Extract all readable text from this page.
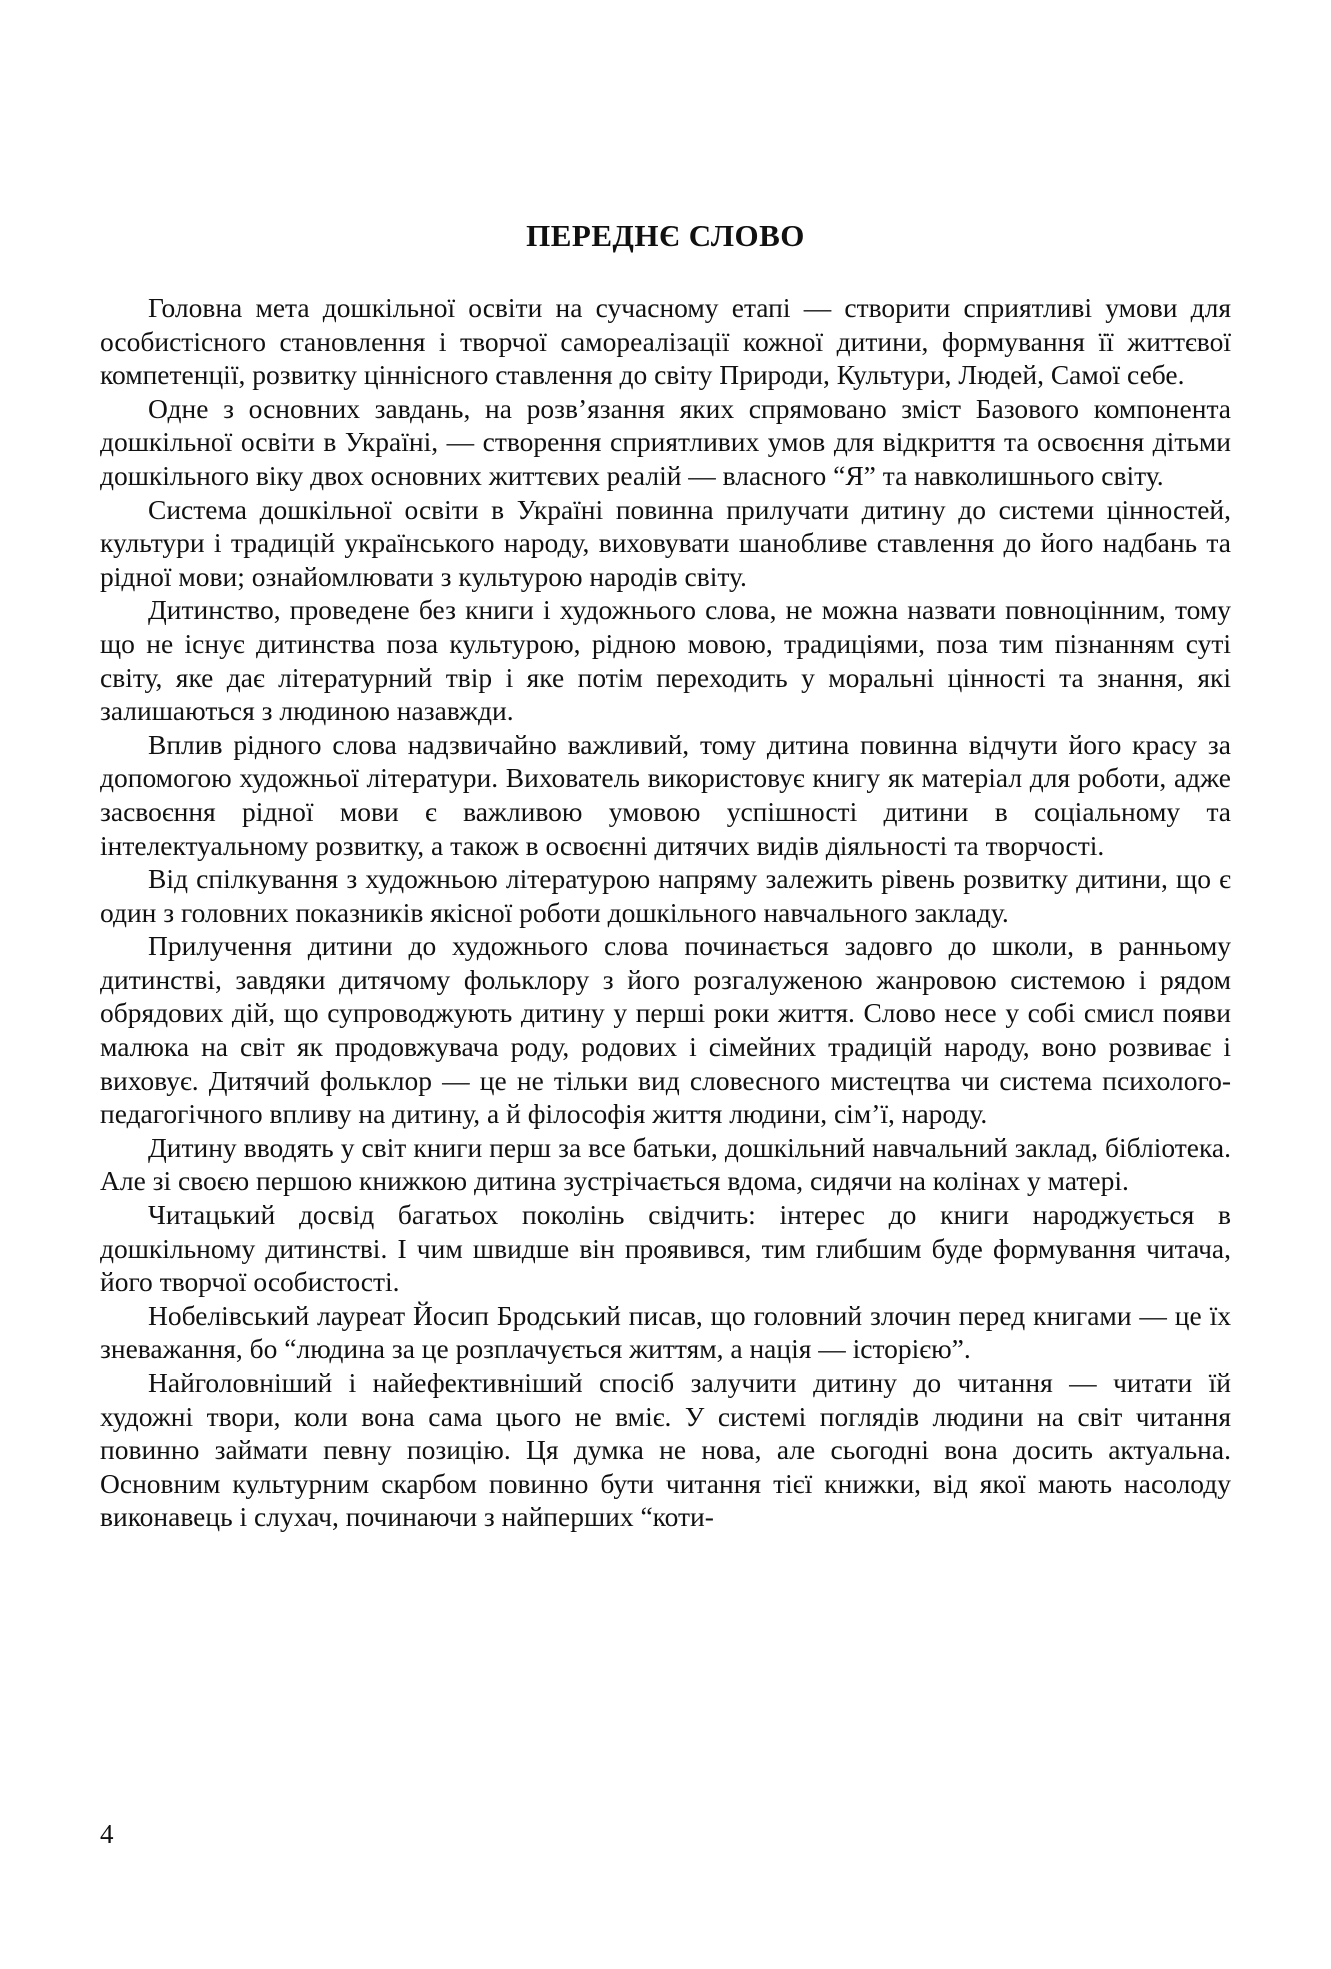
ПЕРЕДНЄ СЛОВО

Головна мета дошкільної освіти на сучасному етапі — створити сприятливі умови для особистісного становлення і творчої самореалізації кожної дитини, формування її життєвої компетенції, розвитку ціннісного ставлення до світу Природи, Культури, Людей, Самої себе.

Одне з основних завдань, на розв’язання яких спрямовано зміст Базового компонента дошкільної освіти в Україні, — створення сприятливих умов для відкриття та освоєння дітьми дошкільного віку двох основних життєвих реалій — власного “Я” та навколишнього світу.

Система дошкільної освіти в Україні повинна прилучати дитину до системи цінностей, культури і традицій українського народу, виховувати шанобливе ставлення до його надбань та рідної мови; ознайомлювати з культурою народів світу.

Дитинство, проведене без книги і художнього слова, не можна назвати повноцінним, тому що не існує дитинства поза культурою, рідною мовою, традиціями, поза тим пізнанням суті світу, яке дає літературний твір і яке потім переходить у моральні цінності та знання, які залишаються з людиною назавжди.

Вплив рідного слова надзвичайно важливий, тому дитина повинна відчути його красу за допомогою художньої літератури. Вихователь використовує книгу як матеріал для роботи, адже засвоєння рідної мови є важливою умовою успішності дитини в соціальному та інтелектуальному розвитку, а також в освоєнні дитячих видів діяльності та творчості.

Від спілкування з художньою літературою напряму залежить рівень розвитку дитини, що є один з головних показників якісної роботи дошкільного навчального закладу.

Прилучення дитини до художнього слова починається задовго до школи, в ранньому дитинстві, завдяки дитячому фольклору з його розгалуженою жанровою системою і рядом обрядових дій, що супроводжують дитину у перші роки життя. Слово несе у собі смисл появи малюка на світ як продовжувача роду, родових і сімейних традицій народу, воно розвиває і виховує. Дитячий фольклор — це не тільки вид словесного мистецтва чи система психолого-педагогічного впливу на дитину, а й філософія життя людини, сім’ї, народу.

Дитину вводять у світ книги перш за все батьки, дошкільний навчальний заклад, бібліотека. Але зі своєю першою книжкою дитина зустрічається вдома, сидячи на колінах у матері.

Читацький досвід багатьох поколінь свідчить: інтерес до книги народжується в дошкільному дитинстві. І чим швидше він проявився, тим глибшим буде формування читача, його творчої особистості.

Нобелівський лауреат Йосип Бродський писав, що головний злочин перед книгами — це їх зневажання, бо “людина за це розплачується життям, а нація — історією”.

Найголовніший і найефективніший спосіб залучити дитину до читання — читати їй художні твори, коли вона сама цього не вміє. У системі поглядів людини на світ читання повинно займати певну позицію. Ця думка не нова, але сьогодні вона досить актуальна. Основним культурним скарбом повинно бути читання тієї книжки, від якої мають насолоду виконавець і слухач, починаючи з найперших “коти-

4
